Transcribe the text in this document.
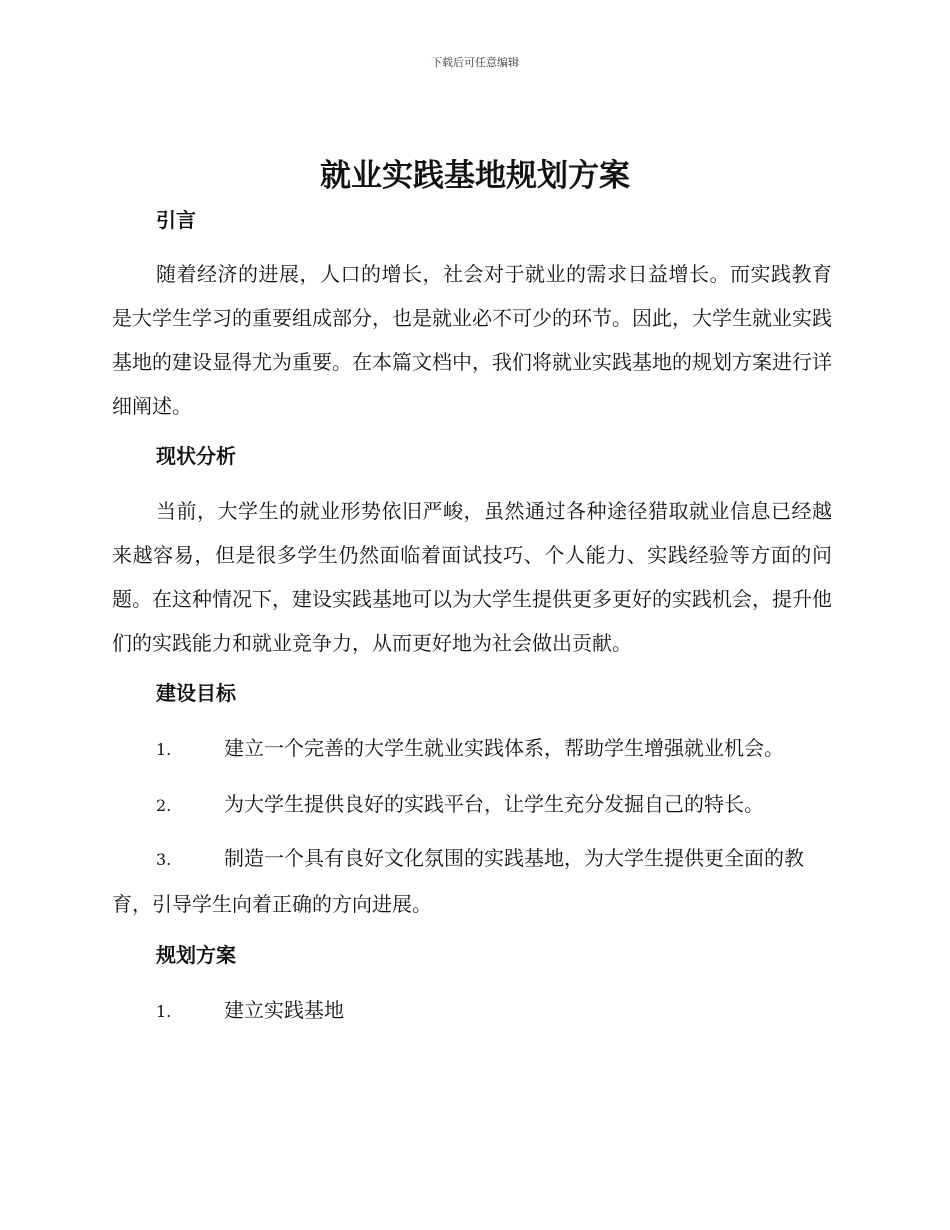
下载后可任意编辑
就业实践基地规划方案
引言
随着经济的进展，人口的增长，社会对于就业的需求日益增长。而实践教育是大学生学习的重要组成部分，也是就业必不可少的环节。因此，大学生就业实践基地的建设显得尤为重要。在本篇文档中，我们将就业实践基地的规划方案进行详细阐述。
现状分析
当前，大学生的就业形势依旧严峻，虽然通过各种途径猎取就业信息已经越来越容易，但是很多学生仍然面临着面试技巧、个人能力、实践经验等方面的问题。在这种情况下，建设实践基地可以为大学生提供更多更好的实践机会，提升他们的实践能力和就业竞争力，从而更好地为社会做出贡献。
建设目标
1.	建立一个完善的大学生就业实践体系，帮助学生增强就业机会。
2.	为大学生提供良好的实践平台，让学生充分发掘自己的特长。
3.	制造一个具有良好文化氛围的实践基地，为大学生提供更全面的教育，引导学生向着正确的方向进展。
规划方案
1.	建立实践基地
